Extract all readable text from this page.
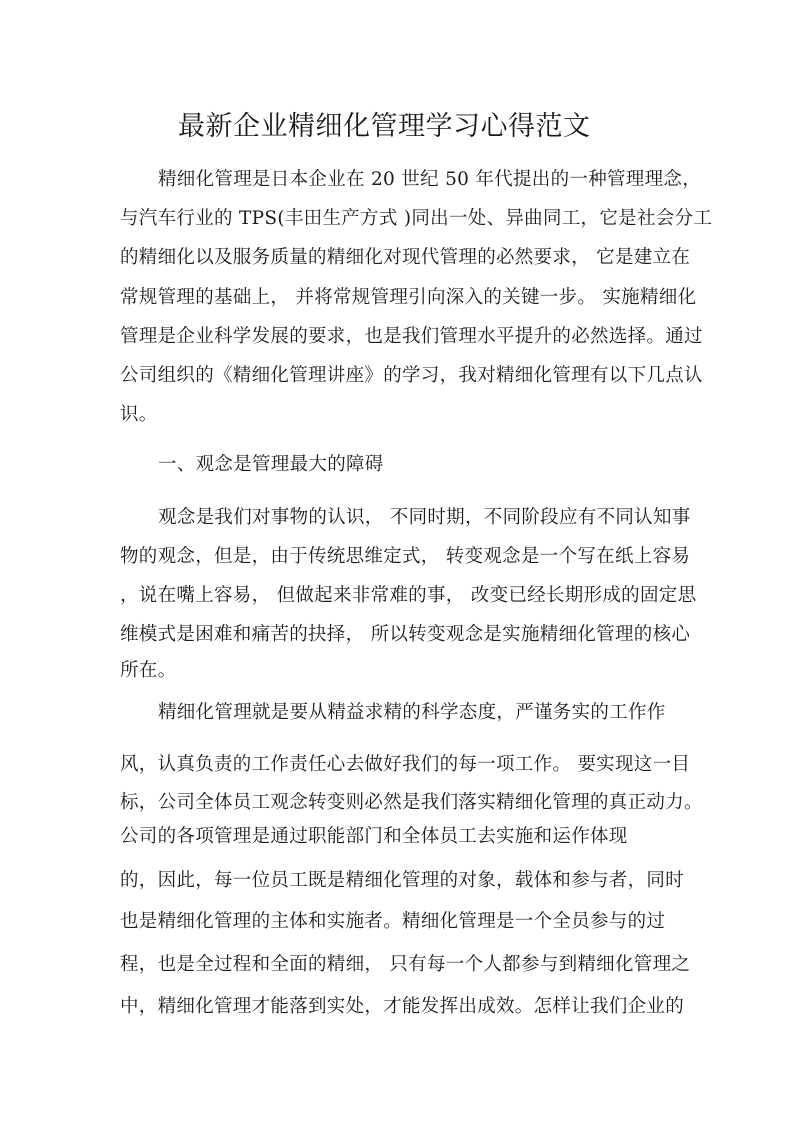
最新企业精细化管理学习心得范文
精细化管理是日本企业在 20 世纪 50 年代提出的一种管理理念，
与汽车行业的 TPS(丰田生产方式 )同出一处、异曲同工，它是社会分工
的精细化以及服务质量的精细化对现代管理的必然要求， 它是建立在
常规管理的基础上， 并将常规管理引向深入的关键一步。 实施精细化
管理是企业科学发展的要求，也是我们管理水平提升的必然选择。通过
公司组织的《精细化管理讲座》的学习，我对精细化管理有以下几点认
识。
一、观念是管理最大的障碍
观念是我们对事物的认识， 不同时期，不同阶段应有不同认知事
物的观念，但是，由于传统思维定式， 转变观念是一个写在纸上容易
，说在嘴上容易， 但做起来非常难的事， 改变已经长期形成的固定思
维模式是困难和痛苦的抉择， 所以转变观念是实施精细化管理的核心
所在。
精细化管理就是要从精益求精的科学态度，严谨务实的工作作
风，认真负责的工作责任心去做好我们的每一项工作。 要实现这一目
标，公司全体员工观念转变则必然是我们落实精细化管理的真正动力。
公司的各项管理是通过职能部门和全体员工去实施和运作体现
的，因此，每一位员工既是精细化管理的对象，载体和参与者，同时
也是精细化管理的主体和实施者。精细化管理是一个全员参与的过
程，也是全过程和全面的精细， 只有每一个人都参与到精细化管理之
中，精细化管理才能落到实处，才能发挥出成效。怎样让我们企业的
